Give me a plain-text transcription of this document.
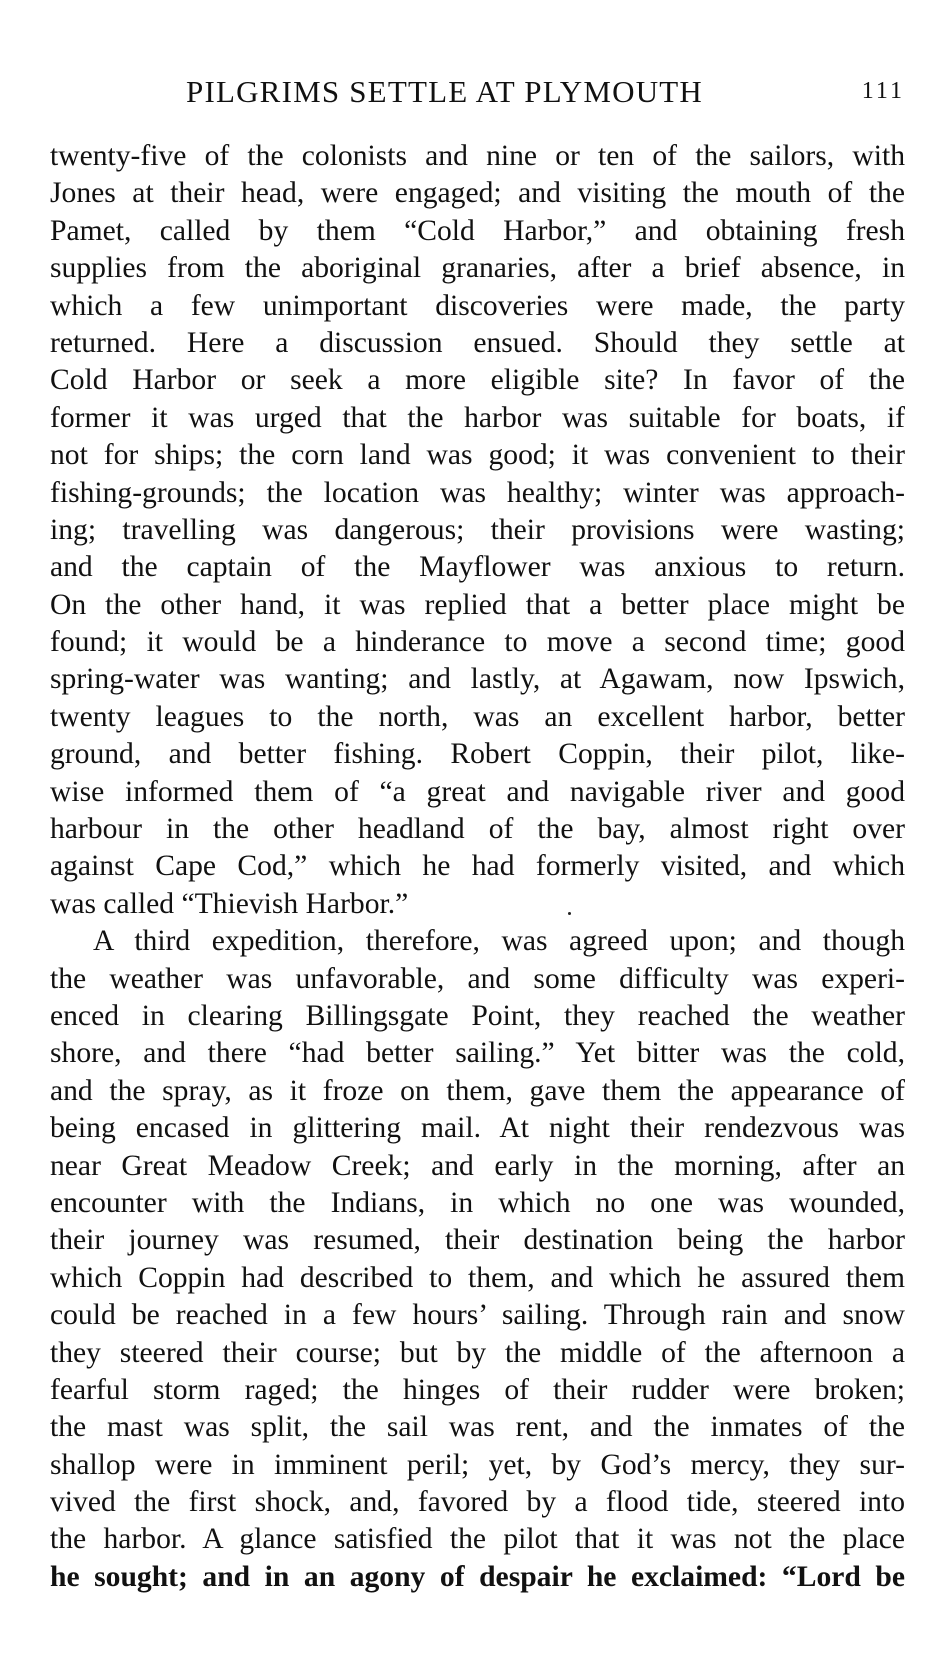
PILGRIMS SETTLE AT PLYMOUTH	111
twenty-five of the colonists and nine or ten of the sailors, with
Jones at their head, were engaged; and visiting the mouth of the
Pamet, called by them “Cold Harbor,” and obtaining fresh
supplies from the aboriginal granaries, after a brief absence, in
which a few unimportant discoveries were made, the party
returned. Here a discussion ensued. Should they settle at
Cold Harbor or seek a more eligible site? In favor of the
former it was urged that the harbor was suitable for boats, if
not for ships; the corn land was good; it was convenient to their
fishing-grounds; the location was healthy; winter was approach-
ing; travelling was dangerous; their provisions were wasting;
and the captain of the Mayflower was anxious to return.
On the other hand, it was replied that a better place might be
found; it would be a hinderance to move a second time; good
spring-water was wanting; and lastly, at Agawam, now Ipswich,
twenty leagues to the north, was an excellent harbor, better
ground, and better fishing. Robert Coppin, their pilot, like-
wise informed them of “a great and navigable river and good
harbour in the other headland of the bay, almost right over
against Cape Cod,” which he had formerly visited, and which
was called “Thievish Harbor.”
A third expedition, therefore, was agreed upon; and though
the weather was unfavorable, and some difficulty was experi-
enced in clearing Billingsgate Point, they reached the weather
shore, and there “had better sailing.” Yet bitter was the cold,
and the spray, as it froze on them, gave them the appearance of
being encased in glittering mail. At night their rendezvous was
near Great Meadow Creek; and early in the morning, after an
encounter with the Indians, in which no one was wounded,
their journey was resumed, their destination being the harbor
which Coppin had described to them, and which he assured them
could be reached in a few hours’ sailing. Through rain and snow
they steered their course; but by the middle of the afternoon a
fearful storm raged; the hinges of their rudder were broken;
the mast was split, the sail was rent, and the inmates of the
shallop were in imminent peril; yet, by God’s mercy, they sur-
vived the first shock, and, favored by a flood tide, steered into
the harbor. A glance satisfied the pilot that it was not the place
he sought; and in an agony of despair he exclaimed: “Lord be
